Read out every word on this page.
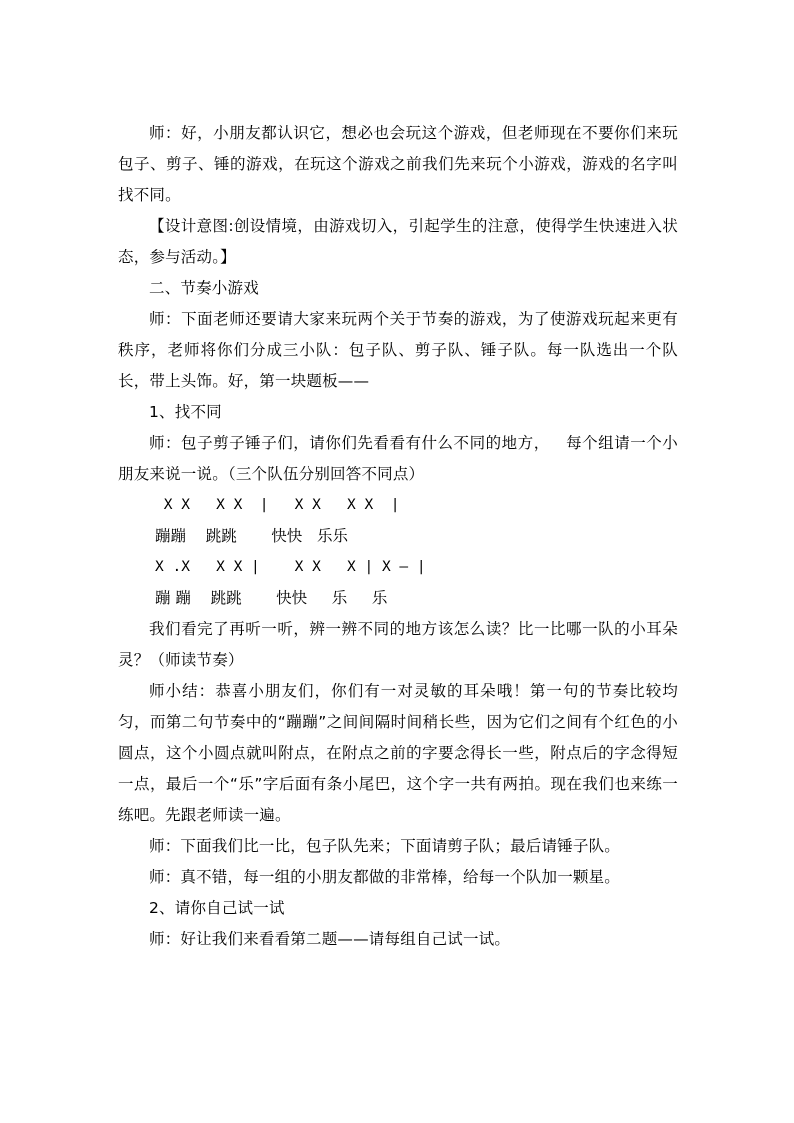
师：好，小朋友都认识它，想必也会玩这个游戏，但老师现在不要你们来玩包子、剪子、锤的游戏，在玩这个游戏之前我们先来玩个小游戏，游戏的名字叫找不同。

【设计意图:创设情境，由游戏切入，引起学生的注意，使得学生快速进入状态，参与活动。】

二、节奏小游戏

师：下面老师还要请大家来玩两个关于节奏的游戏，为了使游戏玩起来更有秩序，老师将你们分成三小队：包子队、剪子队、锤子队。每一队选出一个队长，带上头饰。好，第一块题板——

1、找不同

师：包子剪子锤子们，请你们先看看有什么不同的地方，   每个组请一个小朋友来说一说。（三个队伍分别回答不同点）

X X   X X  |   X X   X X  |

蹦蹦    跳跳       快快   乐乐

X .X   X X |    X X   X | X — |

蹦 蹦    跳跳       快快     乐     乐

我们看完了再听一听，辨一辨不同的地方该怎么读？比一比哪一队的小耳朵灵？（师读节奏）

师小结：恭喜小朋友们，你们有一对灵敏的耳朵哦！第一句的节奏比较均匀，而第二句节奏中的“蹦蹦”之间间隔时间稍长些，因为它们之间有个红色的小圆点，这个小圆点就叫附点，在附点之前的字要念得长一些，附点后的字念得短一点，最后一个“乐”字后面有条小尾巴，这个字一共有两拍。现在我们也来练一练吧。先跟老师读一遍。

师：下面我们比一比，包子队先来；下面请剪子队；最后请锤子队。

师：真不错，每一组的小朋友都做的非常棒，给每一个队加一颗星。

2、请你自己试一试

师：好让我们来看看第二题——请每组自己试一试。
